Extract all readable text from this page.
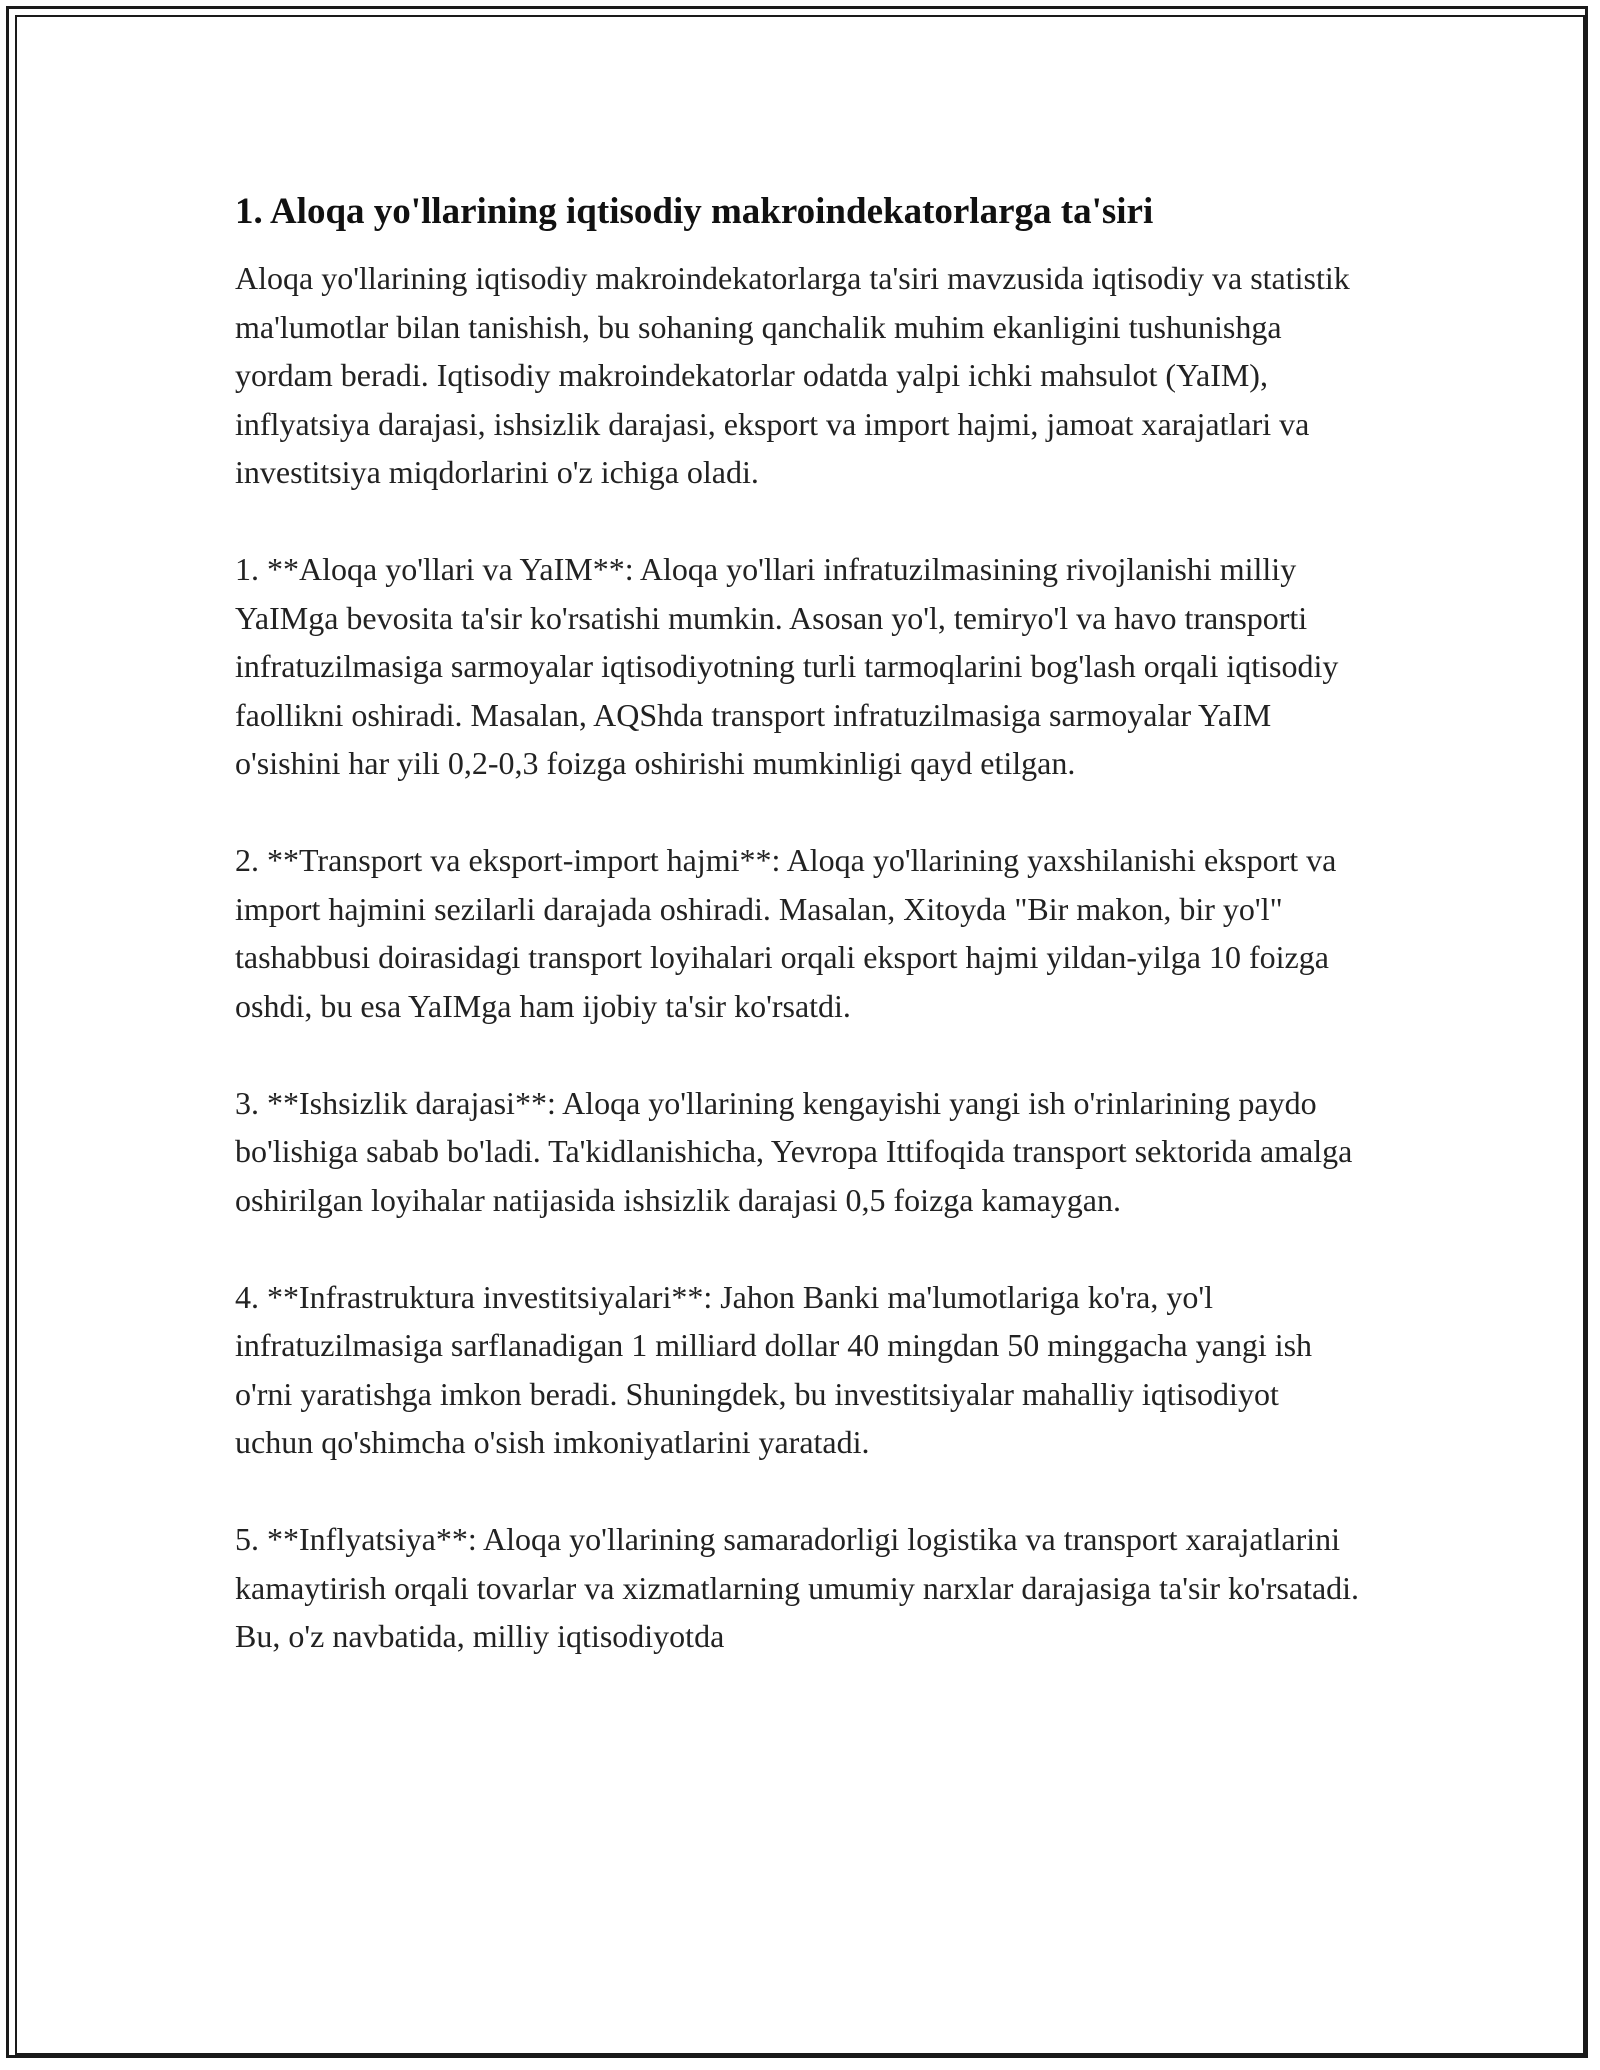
1. Aloqa yo'llarining iqtisodiy makroindekatorlarga ta'siri

Aloqa yo'llarining iqtisodiy makroindekatorlarga ta'siri mavzusida iqtisodiy va statistik ma'lumotlar bilan tanishish, bu sohaning qanchalik muhim ekanligini tushunishga yordam beradi. Iqtisodiy makroindekatorlar odatda yalpi ichki mahsulot (YaIM), inflyatsiya darajasi, ishsizlik darajasi, eksport va import hajmi, jamoat xarajatlari va investitsiya miqdorlarini o'z ichiga oladi.

1. **Aloqa yo'llari va YaIM**: Aloqa yo'llari infratuzilmasining rivojlanishi milliy YaIMga bevosita ta'sir ko'rsatishi mumkin. Asosan yo'l, temiryo'l va havo transporti infratuzilmasiga sarmoyalar iqtisodiyotning turli tarmoqlarini bog'lash orqali iqtisodiy faollikni oshiradi. Masalan, AQShda transport infratuzilmasiga sarmoyalar YaIM o'sishini har yili 0,2-0,3 foizga oshirishi mumkinligi qayd etilgan.

2. **Transport va eksport-import hajmi**: Aloqa yo'llarining yaxshilanishi eksport va import hajmini sezilarli darajada oshiradi. Masalan, Xitoyda "Bir makon, bir yo'l" tashabbusi doirasidagi transport loyihalari orqali eksport hajmi yildan-yilga 10 foizga oshdi, bu esa YaIMga ham ijobiy ta'sir ko'rsatdi.

3. **Ishsizlik darajasi**: Aloqa yo'llarining kengayishi yangi ish o'rinlarining paydo bo'lishiga sabab bo'ladi. Ta'kidlanishicha, Yevropa Ittifoqida transport sektorida amalga oshirilgan loyihalar natijasida ishsizlik darajasi 0,5 foizga kamaygan.

4. **Infrastruktura investitsiyalari**: Jahon Banki ma'lumotlariga ko'ra, yo'l infratuzilmasiga sarflanadigan 1 milliard dollar 40 mingdan 50 minggacha yangi ish o'rni yaratishga imkon beradi. Shuningdek, bu investitsiyalar mahalliy iqtisodiyot uchun qo'shimcha o'sish imkoniyatlarini yaratadi.

5. **Inflyatsiya**: Aloqa yo'llarining samaradorligi logistika va transport xarajatlarini kamaytirish orqali tovarlar va xizmatlarning umumiy narxlar darajasiga ta'sir ko'rsatadi. Bu, o'z navbatida, milliy iqtisodiyotda
